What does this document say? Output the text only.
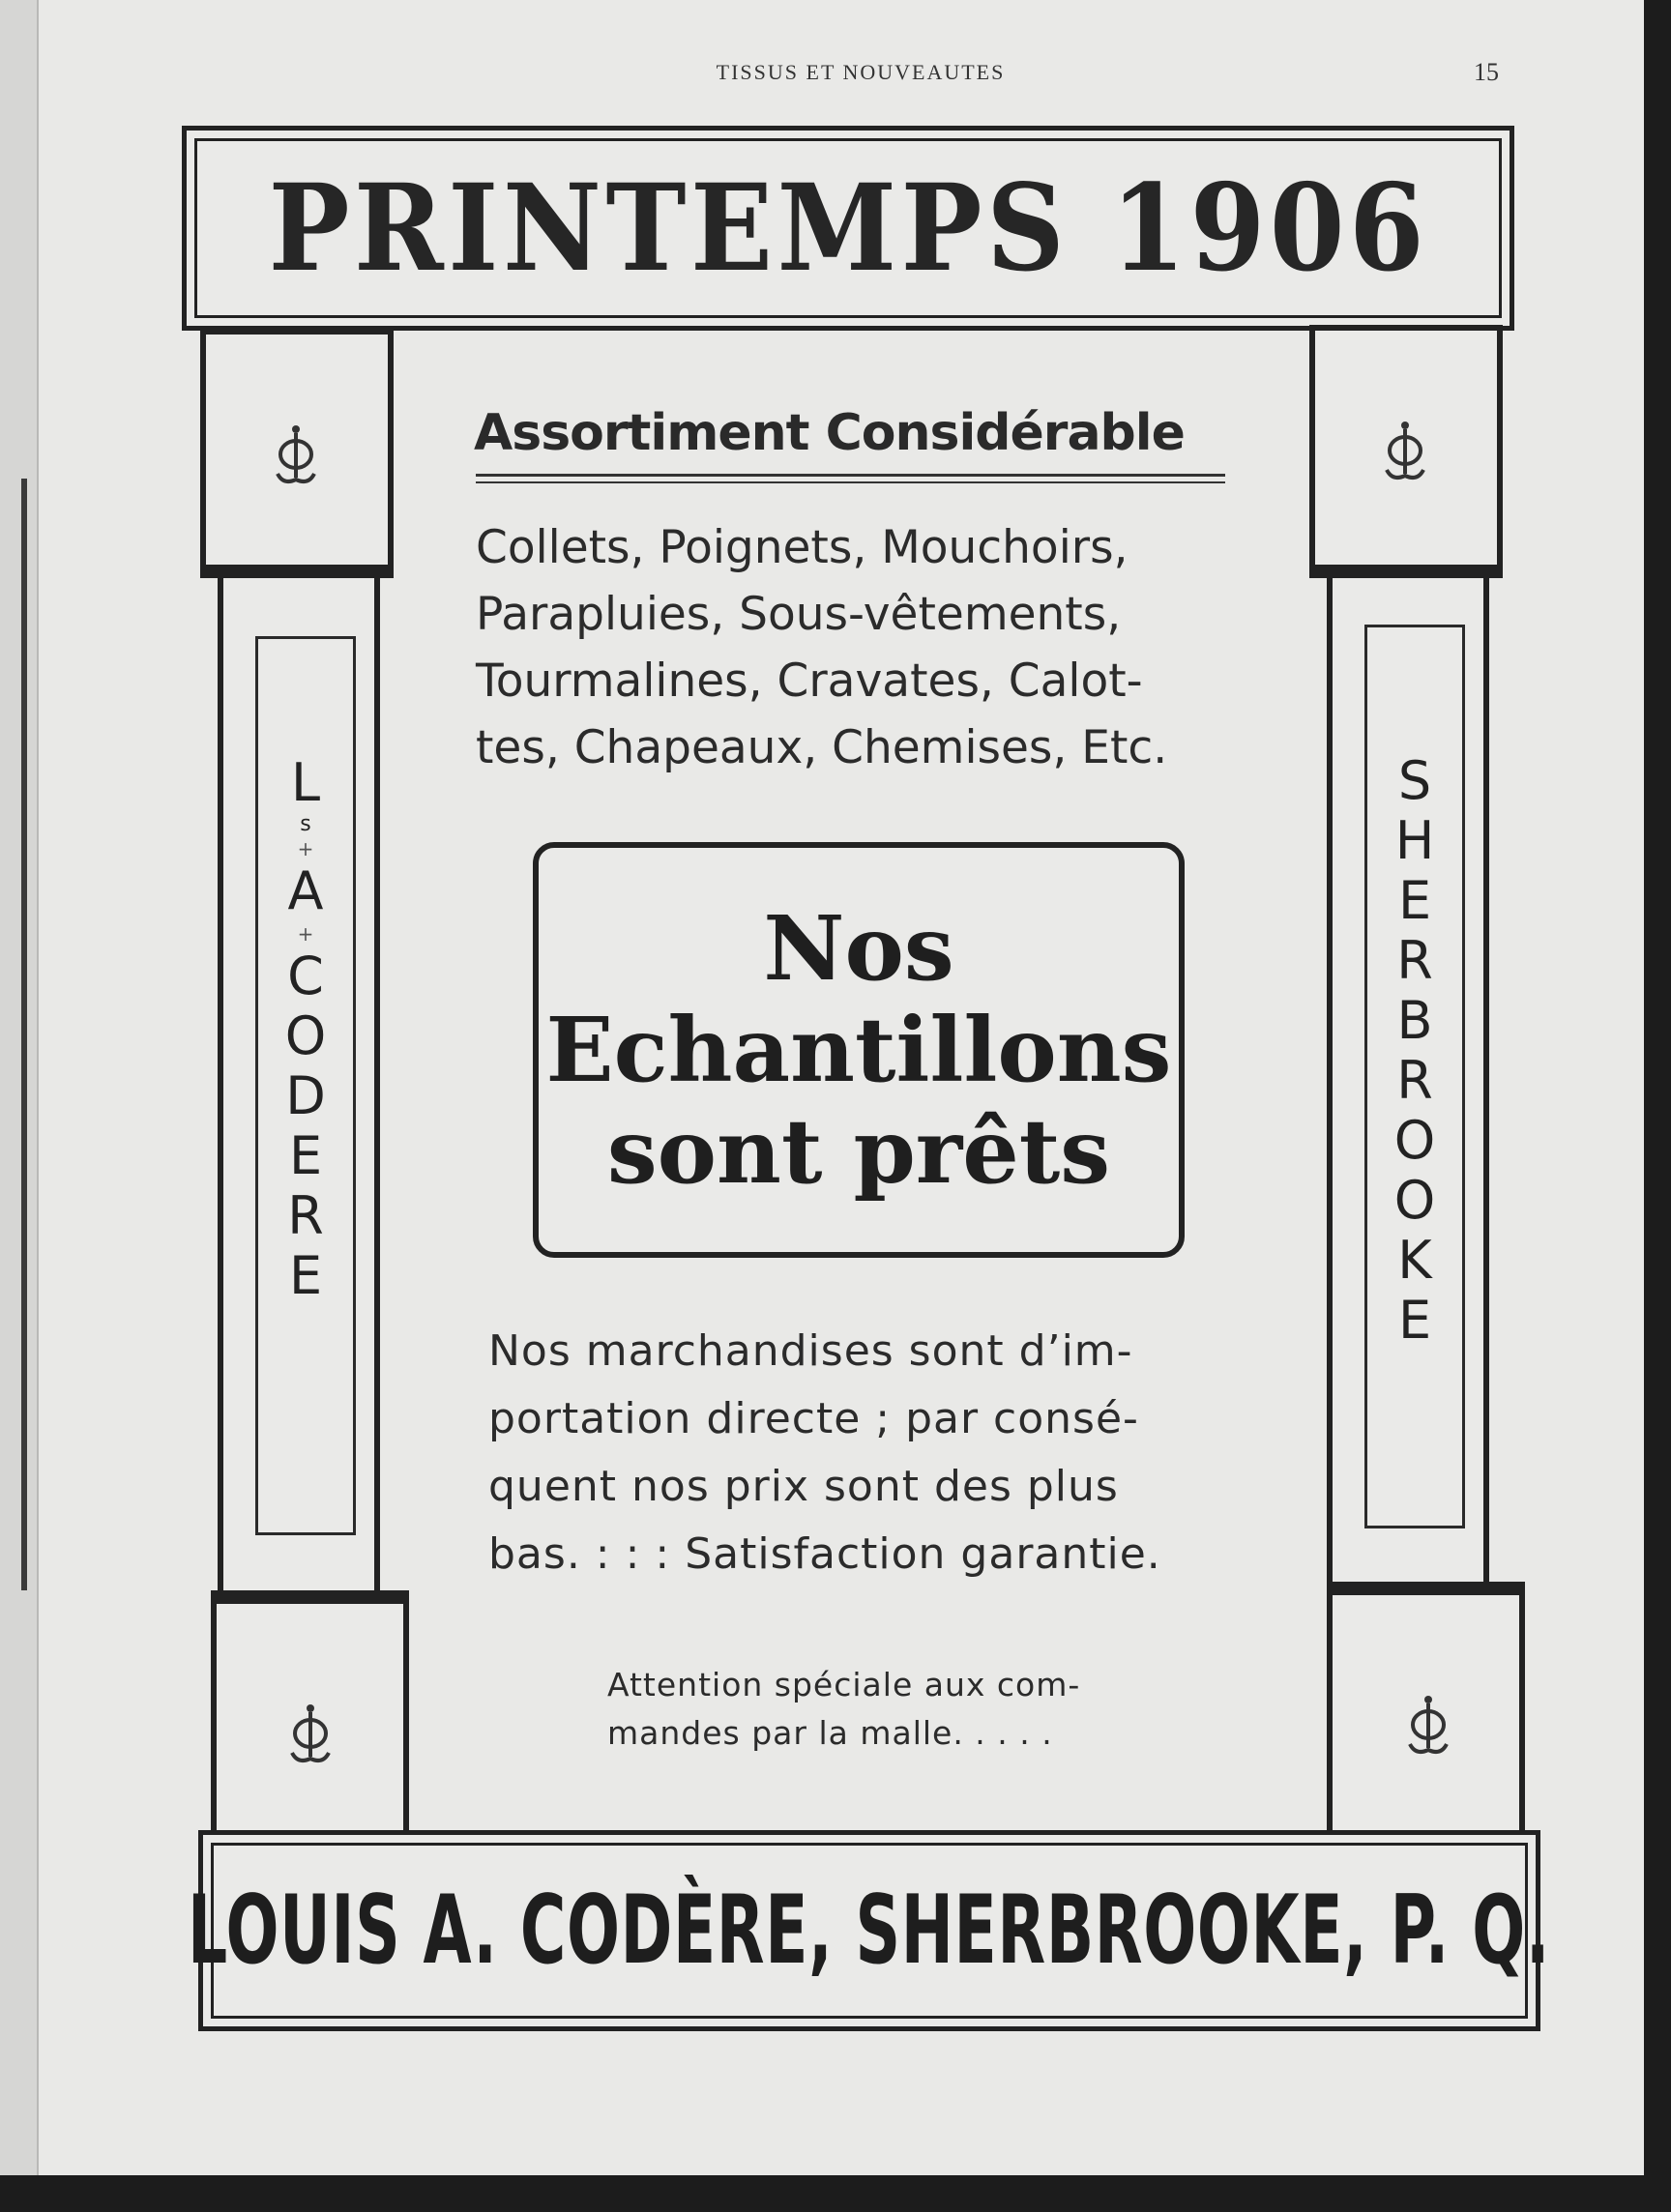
TISSUS ET NOUVEAUTES	15
PRINTEMPS 1906
L
s
+
A
+
C
O
D
E
R
E
S
H
E
R
B
R
O
O
K
E
Assortiment Considérable
Collets, Poignets, Mouchoirs,
Parapluies, Sous-vêtements,
Tourmalines, Cravates, Calot-
tes, Chapeaux, Chemises, Etc.
Nos
Echantillons
sont prêts
Nos marchandises sont d’im-
portation directe ; par consé-
quent nos prix sont des plus
bas. : : : Satisfaction garantie.
Attention spéciale aux com-
mandes par la malle. . . . .
LOUIS A. CODÈRE, SHERBROOKE, P. Q.
